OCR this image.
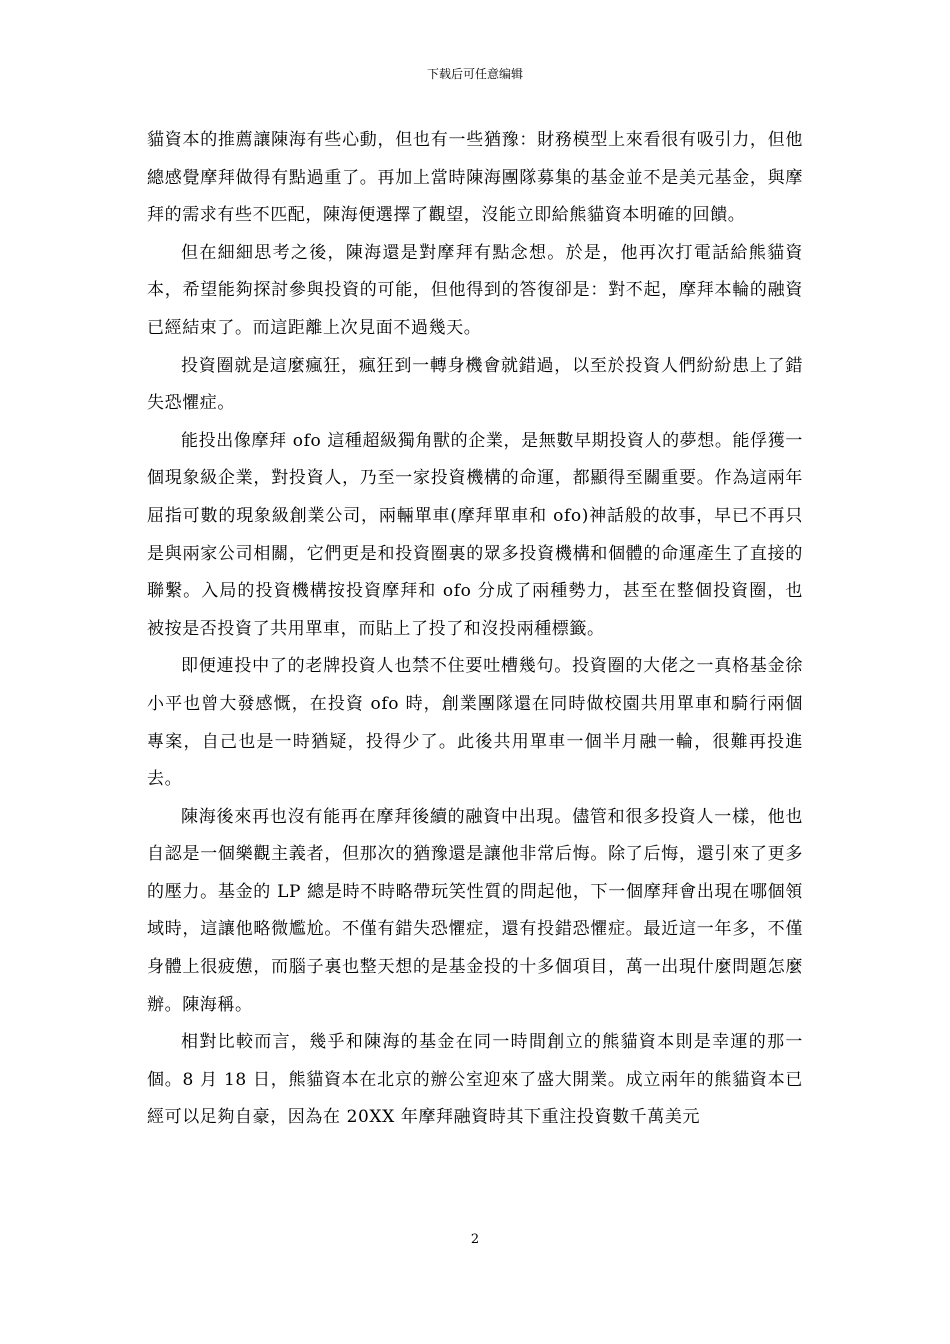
下载后可任意编辑

貓資本的推薦讓陳海有些心動，但也有一些猶豫：財務模型上來看很有吸引力，但他總感覺摩拜做得有點過重了。再加上當時陳海團隊募集的基金並不是美元基金，與摩拜的需求有些不匹配，陳海便選擇了觀望，沒能立即給熊貓資本明確的回饋。

但在細細思考之後，陳海還是對摩拜有點念想。於是，他再次打電話給熊貓資本，希望能夠探討參與投資的可能，但他得到的答復卻是：對不起，摩拜本輪的融資已經結束了。而這距離上次見面不過幾天。

投資圈就是這麼瘋狂，瘋狂到一轉身機會就錯過，以至於投資人們紛紛患上了錯失恐懼症。

能投出像摩拜 ofo 這種超級獨角獸的企業，是無數早期投資人的夢想。能俘獲一個現象級企業，對投資人，乃至一家投資機構的命運，都顯得至關重要。作為這兩年屈指可數的現象級創業公司，兩輛單車(摩拜單車和 ofo)神話般的故事，早已不再只是與兩家公司相關，它們更是和投資圈裏的眾多投資機構和個體的命運產生了直接的聯繫。入局的投資機構按投資摩拜和 ofo 分成了兩種勢力，甚至在整個投資圈，也被按是否投資了共用單車，而貼上了投了和沒投兩種標籤。

即便連投中了的老牌投資人也禁不住要吐槽幾句。投資圈的大佬之一真格基金徐小平也曾大發感慨，在投資 ofo 時，創業團隊還在同時做校園共用單車和騎行兩個專案，自己也是一時猶疑，投得少了。此後共用單車一個半月融一輪，很難再投進去。

陳海後來再也沒有能再在摩拜後續的融資中出現。儘管和很多投資人一樣，他也自認是一個樂觀主義者，但那次的猶豫還是讓他非常后悔。除了后悔，還引來了更多的壓力。基金的 LP 總是時不時略帶玩笑性質的問起他，下一個摩拜會出現在哪個領域時，這讓他略微尷尬。不僅有錯失恐懼症，還有投錯恐懼症。最近這一年多，不僅身體上很疲憊，而腦子裏也整天想的是基金投的十多個項目，萬一出現什麼問題怎麼辦。陳海稱。

相對比較而言，幾乎和陳海的基金在同一時間創立的熊貓資本則是幸運的那一個。8 月 18 日，熊貓資本在北京的辦公室迎來了盛大開業。成立兩年的熊貓資本已經可以足夠自豪，因為在 20XX 年摩拜融資時其下重注投資數千萬美元

2
